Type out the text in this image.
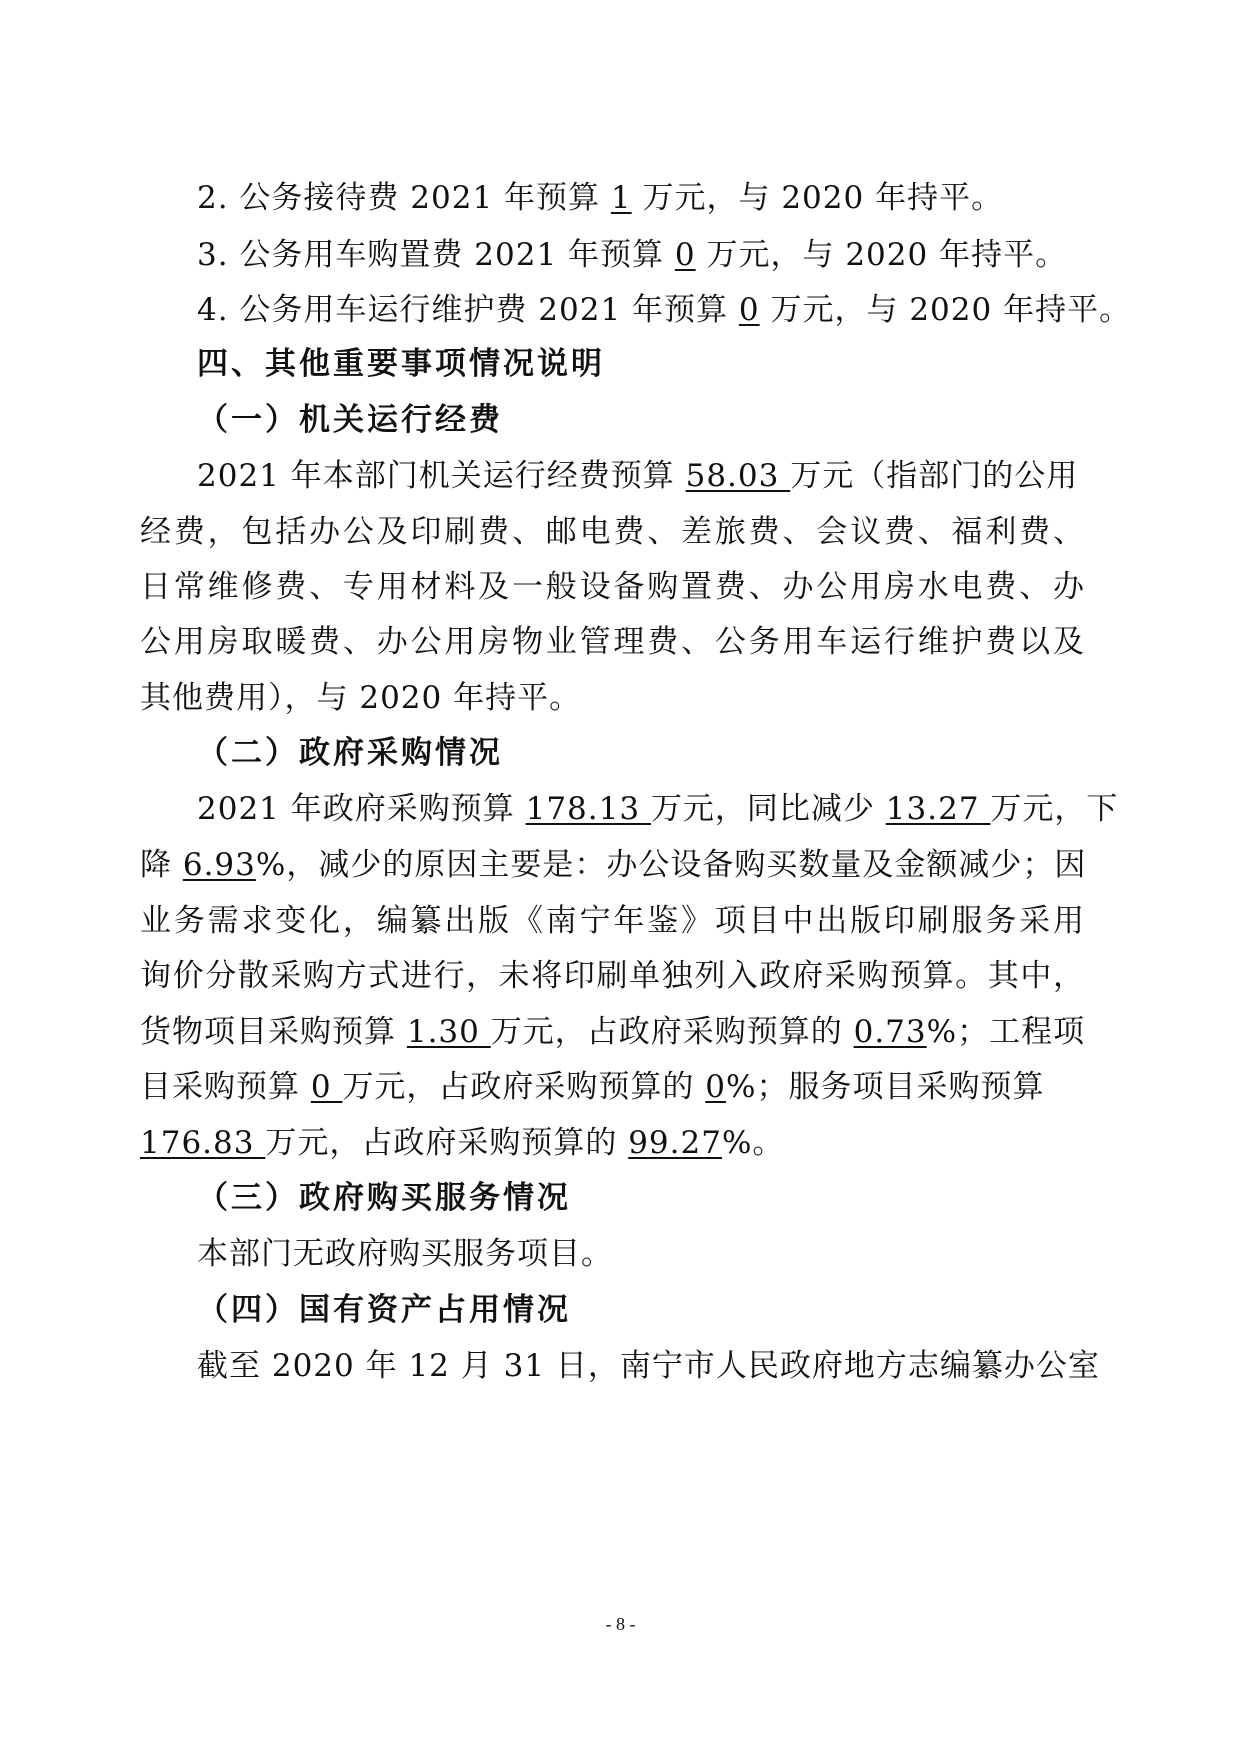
2. 公务接待费 2021 年预算 1 万元，与 2020 年持平。
3. 公务用车购置费 2021 年预算 0 万元，与 2020 年持平。
4. 公务用车运行维护费 2021 年预算 0 万元，与 2020 年持平。
四、其他重要事项情况说明
（一）机关运行经费
2021 年本部门机关运行经费预算 58.03 万元（指部门的公用
经费，包括办公及印刷费、邮电费、差旅费、会议费、福利费、
日常维修费、专用材料及一般设备购置费、办公用房水电费、办
公用房取暖费、办公用房物业管理费、公务用车运行维护费以及
其他费用），与 2020 年持平。
（二）政府采购情况
2021 年政府采购预算 178.13 万元，同比减少 13.27 万元，下
降 6.93%，减少的原因主要是：办公设备购买数量及金额减少；因
业务需求变化，编纂出版《南宁年鉴》项目中出版印刷服务采用
询价分散采购方式进行，未将印刷单独列入政府采购预算。其中，
货物项目采购预算 1.30 万元，占政府采购预算的 0.73%；工程项
目采购预算 0 万元，占政府采购预算的 0%；服务项目采购预算
176.83 万元，占政府采购预算的 99.27%。
（三）政府购买服务情况
本部门无政府购买服务项目。
（四）国有资产占用情况
截至 2020 年 12 月 31 日，南宁市人民政府地方志编纂办公室
- 8 -
